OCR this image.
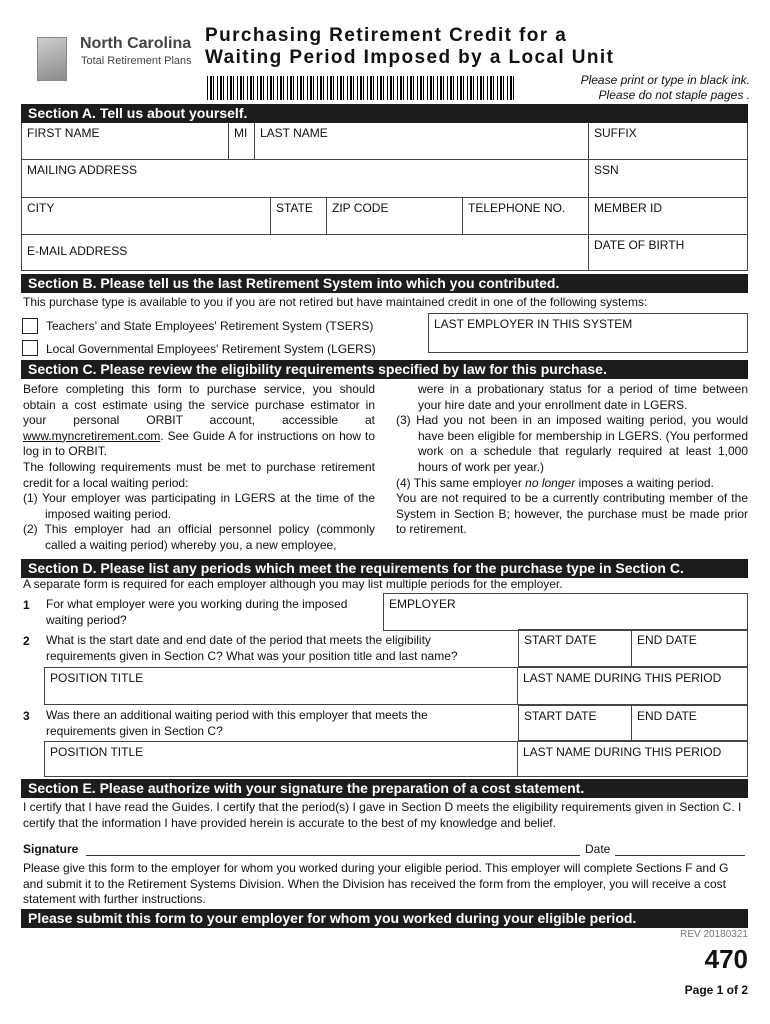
North Carolina
Total Retirement Plans
Purchasing Retirement Credit for a
Waiting Period Imposed by a Local Unit
Please print or type in black ink.
Please do not staple pages .
Section A. Tell us about yourself.
FIRST NAME	MI	LAST NAME	SUFFIX
MAILING ADDRESS	SSN
CITY	STATE	ZIP CODE	TELEPHONE NO.	MEMBER ID
E-MAIL ADDRESS	DATE OF BIRTH
Section B. Please tell us the last Retirement System into which you contributed.
This purchase type is available to you if you are not retired but have maintained credit in one of the following systems:
Teachers' and State Employees' Retirement System (TSERS)
Local Governmental Employees' Retirement System (LGERS)
LAST EMPLOYER IN THIS SYSTEM
Section C. Please review the eligibility requirements specified by law for this purchase.
Before completing this form to purchase service, you should obtain a cost estimate using the service purchase estimator in your personal ORBIT account, accessible at www.myncretirement.com. See Guide A for instructions on how to log in to ORBIT.
The following requirements must be met to purchase retirement credit for a local waiting period:
(1) Your employer was participating in LGERS at the time of the imposed waiting period.
(2) This employer had an official personnel policy (commonly called a waiting period) whereby you, a new employee,
were in a probationary status for a period of time between your hire date and your enrollment date in LGERS.
(3) Had you not been in an imposed waiting period, you would have been eligible for membership in LGERS. (You performed work on a schedule that regularly required at least 1,000 hours of work per year.)
(4) This same employer no longer imposes a waiting period.
You are not required to be a currently contributing member of the System in Section B; however, the purchase must be made prior to retirement.
Section D. Please list any periods which meet the requirements for the purchase type in Section C.
A separate form is required for each employer although you may list multiple periods for the employer.
1 For what employer were you working during the imposed waiting period?
EMPLOYER
2 What is the start date and end date of the period that meets the eligibility requirements given in Section C? What was your position title and last name?
START DATE	END DATE
POSITION TITLE	LAST NAME DURING THIS PERIOD
3 Was there an additional waiting period with this employer that meets the requirements given in Section C?
START DATE	END DATE
POSITION TITLE	LAST NAME DURING THIS PERIOD
Section E. Please authorize with your signature the preparation of a cost statement.
I certify that I have read the Guides. I certify that the period(s) I gave in Section D meets the eligibility requirements given in Section C. I certify that the information I have provided herein is accurate to the best of my knowledge and belief.
Signature	Date
Please give this form to the employer for whom you worked during your eligible period. This employer will complete Sections F and G and submit it to the Retirement Systems Division. When the Division has received the form from the employer, you will receive a cost statement with further instructions.
Please submit this form to your employer for whom you worked during your eligible period.
REV 20180321
470
Page 1 of 2
